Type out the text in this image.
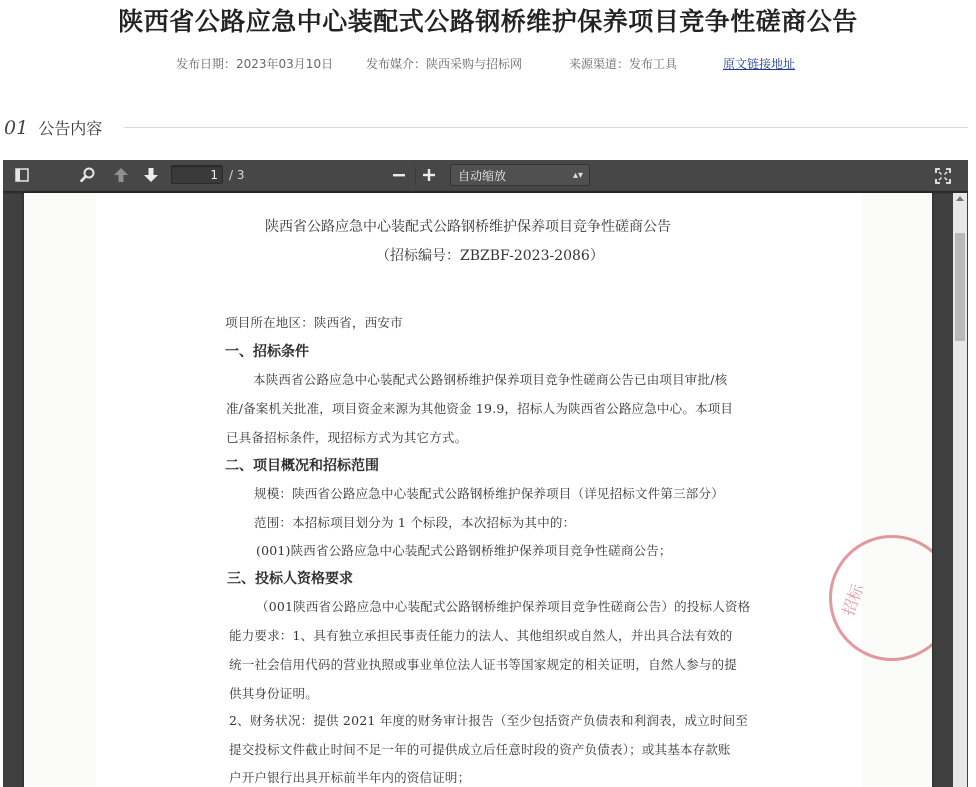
陕西省公路应急中心装配式公路钢桥维护保养项目竞争性磋商公告
发布日期：2023年03月10日	发布媒介：陕西采购与招标网	来源渠道：发布工具	原文链接地址
01 公告内容
1 / 3	自动缩放	▴▾
陕西省公路应急中心装配式公路钢桥维护保养项目竞争性磋商公告
（招标编号：ZBZBF-2023-2086）
项目所在地区：陕西省，西安市
一、招标条件
本陕西省公路应急中心装配式公路钢桥维护保养项目竞争性磋商公告已由项目审批/核
准/备案机关批准，项目资金来源为其他资金 19.9，招标人为陕西省公路应急中心。本项目
已具备招标条件，现招标方式为其它方式。
二、项目概况和招标范围
规模：陕西省公路应急中心装配式公路钢桥维护保养项目（详见招标文件第三部分）
范围：本招标项目划分为 1 个标段，本次招标为其中的：
(001)陕西省公路应急中心装配式公路钢桥维护保养项目竞争性磋商公告；
三、投标人资格要求
（001陕西省公路应急中心装配式公路钢桥维护保养项目竞争性磋商公告）的投标人资格
能力要求：1、具有独立承担民事责任能力的法人、其他组织或自然人，并出具合法有效的
统一社会信用代码的营业执照或事业单位法人证书等国家规定的相关证明，自然人参与的提
供其身份证明。
2、财务状况：提供 2021 年度的财务审计报告（至少包括资产负债表和利润表，成立时间至
提交投标文件截止时间不足一年的可提供成立后任意时段的资产负债表）；或其基本存款账
户开户银行出具开标前半年内的资信证明；
招标
